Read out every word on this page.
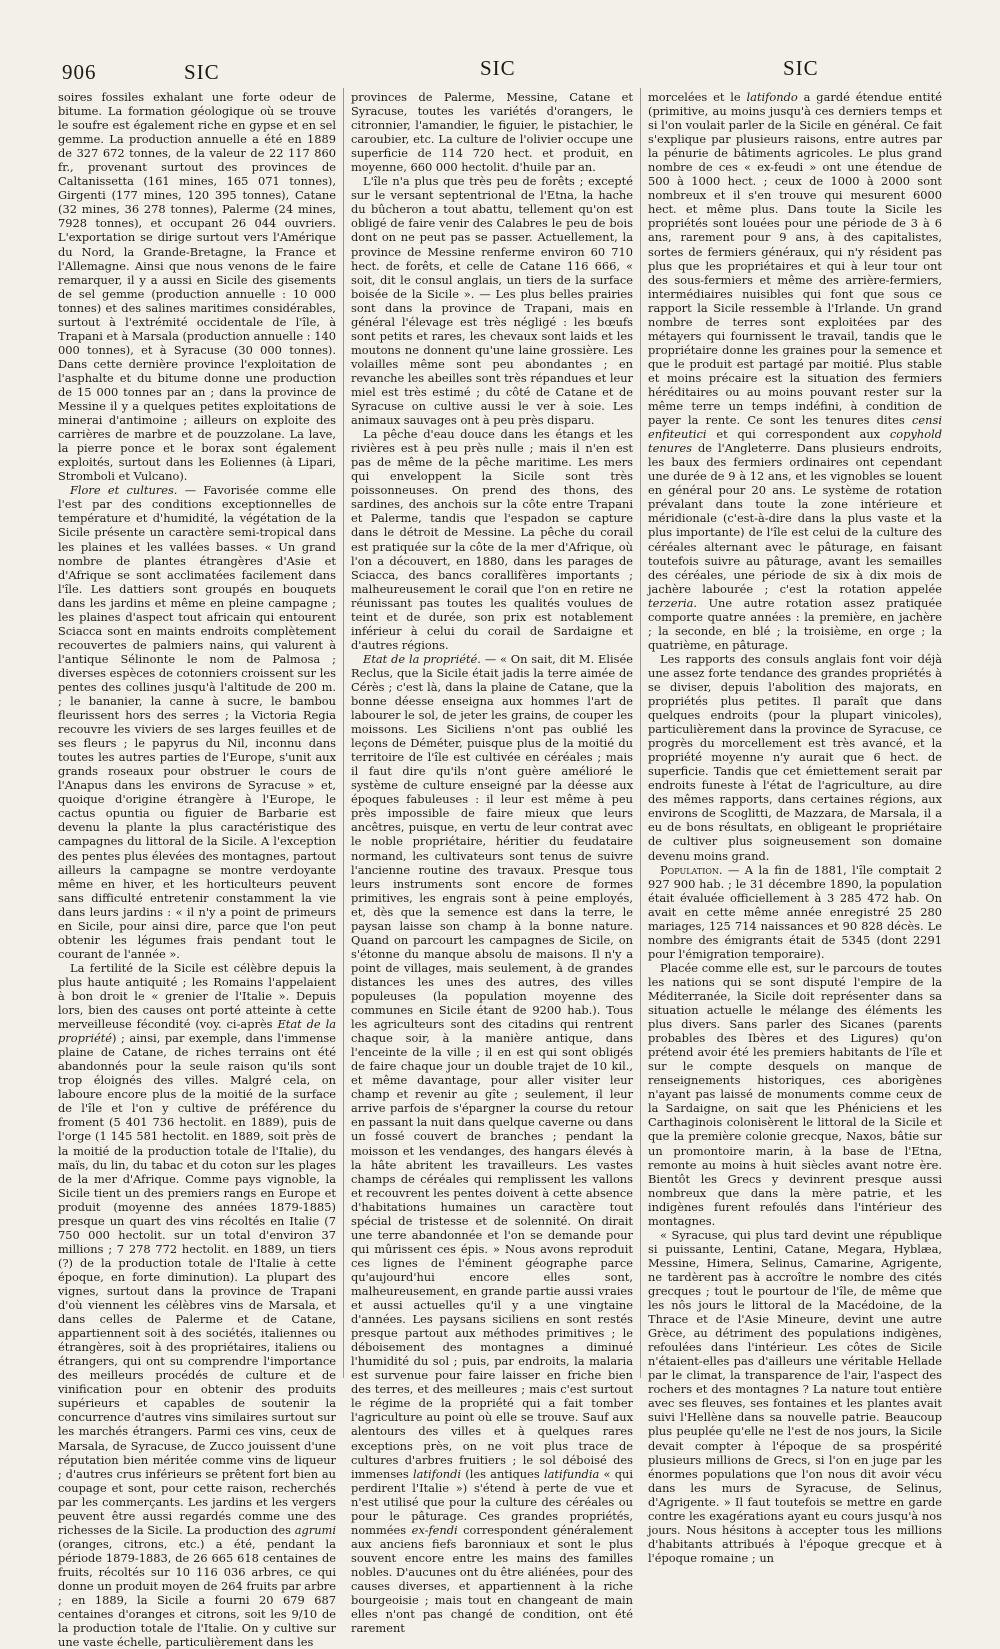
906	SIC	SIC	SIC

soires fossiles exhalant une forte odeur de bitume. La formation géologique où se trouve le soufre est également riche en gypse et en sel gemme. La production annuelle a été en 1889 de 327 672 tonnes, de la valeur de 22 117 860 fr., provenant surtout des provinces de Caltanissetta (161 mines, 165 071 tonnes), Girgenti (177 mines, 120 395 tonnes), Catane (32 mines, 36 278 tonnes), Palerme (24 mines, 7928 tonnes), et occupant 26 044 ouvriers. L'exportation se dirige surtout vers l'Amérique du Nord, la Grande-Bretagne, la France et l'Allemagne. Ainsi que nous venons de le faire remarquer, il y a aussi en Sicile des gisements de sel gemme (production annuelle : 10 000 tonnes) et des salines maritimes considérables, surtout à l'extrémité occidentale de l'île, à Trapani et à Marsala (production annuelle : 140 000 tonnes), et à Syracuse (30 000 tonnes). Dans cette dernière province l'exploitation de l'asphalte et du bitume donne une production de 15 000 tonnes par an ; dans la province de Messine il y a quelques petites exploitations de minerai d'antimoine ; ailleurs on exploite des carrières de marbre et de pouzzolane. La lave, la pierre ponce et le borax sont également exploités, surtout dans les Eoliennes (à Lipari, Stromboli et Vulcano).

Flore et cultures. — Favorisée comme elle l'est par des conditions exceptionnelles de température et d'humidité, la végétation de la Sicile présente un caractère semi-tropical dans les plaines et les vallées basses. « Un grand nombre de plantes étrangères d'Asie et d'Afrique se sont acclimatées facilement dans l'île. Les dattiers sont groupés en bouquets dans les jardins et même en pleine campagne ; les plaines d'aspect tout africain qui entourent Sciacca sont en maints endroits complètement recouvertes de palmiers nains, qui valurent à l'antique Sélinonte le nom de Palmosa ; diverses espèces de cotonniers croissent sur les pentes des collines jusqu'à l'altitude de 200 m. ; le bananier, la canne à sucre, le bambou fleurissent hors des serres ; la Victoria Regia recouvre les viviers de ses larges feuilles et de ses fleurs ; le papyrus du Nil, inconnu dans toutes les autres parties de l'Europe, s'unit aux grands roseaux pour obstruer le cours de l'Anapus dans les environs de Syracuse » et, quoique d'origine étrangère à l'Europe, le cactus opuntia ou figuier de Barbarie est devenu la plante la plus caractéristique des campagnes du littoral de la Sicile. A l'exception des pentes plus élevées des montagnes, partout ailleurs la campagne se montre verdoyante même en hiver, et les horticulteurs peuvent sans difficulté entretenir constamment la vie dans leurs jardins : « il n'y a point de primeurs en Sicile, pour ainsi dire, parce que l'on peut obtenir les légumes frais pendant tout le courant de l'année ».

La fertilité de la Sicile est célèbre depuis la plus haute antiquité ; les Romains l'appelaient à bon droit le « grenier de l'Italie ». Depuis lors, bien des causes ont porté atteinte à cette merveilleuse fécondité (voy. ci-après Etat de la propriété) ; ainsi, par exemple, dans l'immense plaine de Catane, de riches terrains ont été abandonnés pour la seule raison qu'ils sont trop éloignés des villes. Malgré cela, on laboure encore plus de la moitié de la surface de l'île et l'on y cultive de préférence du froment (5 401 736 hectolit. en 1889), puis de l'orge (1 145 581 hectolit. en 1889, soit près de la moitié de la production totale de l'Italie), du maïs, du lin, du tabac et du coton sur les plages de la mer d'Afrique. Comme pays vignoble, la Sicile tient un des premiers rangs en Europe et produit (moyenne des années 1879-1885) presque un quart des vins récoltés en Italie (7 750 000 hectolit. sur un total d'environ 37 millions ; 7 278 772 hectolit. en 1889, un tiers (?) de la production totale de l'Italie à cette époque, en forte diminution). La plupart des vignes, surtout dans la province de Trapani d'où viennent les célèbres vins de Marsala, et dans celles de Palerme et de Catane, appartiennent soit à des sociétés, italiennes ou étrangères, soit à des propriétaires, italiens ou étrangers, qui ont su comprendre l'importance des meilleurs procédés de culture et de vinification pour en obtenir des produits supérieurs et capables de soutenir la concurrence d'autres vins similaires surtout sur les marchés étrangers. Parmi ces vins, ceux de Marsala, de Syracuse, de Zucco jouissent d'une réputation bien méritée comme vins de liqueur ; d'autres crus inférieurs se prêtent fort bien au coupage et sont, pour cette raison, recherchés par les commerçants. Les jardins et les vergers peuvent être aussi regardés comme une des richesses de la Sicile. La production des agrumi (oranges, citrons, etc.) a été, pendant la période 1879-1883, de 26 665 618 centaines de fruits, récoltés sur 10 116 036 arbres, ce qui donne un produit moyen de 264 fruits par arbre ; en 1889, la Sicile a fourni 20 679 687 centaines d'oranges et citrons, soit les 9/10 de la production totale de l'Italie. On y cultive sur une vaste échelle, particulièrement dans les

provinces de Palerme, Messine, Catane et Syracuse, toutes les variétés d'orangers, le citronnier, l'amandier, le figuier, le pistachier, le caroubier, etc. La culture de l'olivier occupe une superficie de 114 720 hect. et produit, en moyenne, 660 000 hectolit. d'huile par an.

L'île n'a plus que très peu de forêts ; excepté sur le versant septentrional de l'Etna, la hache du bûcheron a tout abattu, tellement qu'on est obligé de faire venir des Calabres le peu de bois dont on ne peut pas se passer. Actuellement, la province de Messine renferme environ 60 710 hect. de forêts, et celle de Catane 116 666, « soit, dit le consul anglais, un tiers de la surface boisée de la Sicile ». — Les plus belles prairies sont dans la province de Trapani, mais en général l'élevage est très négligé : les bœufs sont petits et rares, les chevaux sont laids et les moutons ne donnent qu'une laine grossière. Les volailles même sont peu abondantes ; en revanche les abeilles sont très répandues et leur miel est très estimé ; du côté de Catane et de Syracuse on cultive aussi le ver à soie. Les animaux sauvages ont à peu près disparu.

La pêche d'eau douce dans les étangs et les rivières est à peu près nulle ; mais il n'en est pas de même de la pêche maritime. Les mers qui enveloppent la Sicile sont très poissonneuses. On prend des thons, des sardines, des anchois sur la côte entre Trapani et Palerme, tandis que l'espadon se capture dans le détroit de Messine. La pêche du corail est pratiquée sur la côte de la mer d'Afrique, où l'on a découvert, en 1880, dans les parages de Sciacca, des bancs corallifères importants ; malheureusement le corail que l'on en retire ne réunissant pas toutes les qualités voulues de teint et de durée, son prix est notablement inférieur à celui du corail de Sardaigne et d'autres régions.

Etat de la propriété. — « On sait, dit M. Elisée Reclus, que la Sicile était jadis la terre aimée de Cérès ; c'est là, dans la plaine de Catane, que la bonne déesse enseigna aux hommes l'art de labourer le sol, de jeter les grains, de couper les moissons. Les Siciliens n'ont pas oublié les leçons de Déméter, puisque plus de la moitié du territoire de l'île est cultivée en céréales ; mais il faut dire qu'ils n'ont guère amélioré le système de culture enseigné par la déesse aux époques fabuleuses : il leur est même à peu près impossible de faire mieux que leurs ancêtres, puisque, en vertu de leur contrat avec le noble propriétaire, héritier du feudataire normand, les cultivateurs sont tenus de suivre l'ancienne routine des travaux. Presque tous leurs instruments sont encore de formes primitives, les engrais sont à peine employés, et, dès que la semence est dans la terre, le paysan laisse son champ à la bonne nature. Quand on parcourt les campagnes de Sicile, on s'étonne du manque absolu de maisons. Il n'y a point de villages, mais seulement, à de grandes distances les unes des autres, des villes populeuses (la population moyenne des communes en Sicile étant de 9200 hab.). Tous les agriculteurs sont des citadins qui rentrent chaque soir, à la manière antique, dans l'enceinte de la ville ; il en est qui sont obligés de faire chaque jour un double trajet de 10 kil., et même davantage, pour aller visiter leur champ et revenir au gîte ; seulement, il leur arrive parfois de s'épargner la course du retour en passant la nuit dans quelque caverne ou dans un fossé couvert de branches ; pendant la moisson et les vendanges, des hangars élevés à la hâte abritent les travailleurs. Les vastes champs de céréales qui remplissent les vallons et recouvrent les pentes doivent à cette absence d'habitations humaines un caractère tout spécial de tristesse et de solennité. On dirait une terre abandonnée et l'on se demande pour qui mûrissent ces épis. » Nous avons reproduit ces lignes de l'éminent géographe parce qu'aujourd'hui encore elles sont, malheureusement, en grande partie aussi vraies et aussi actuelles qu'il y a une vingtaine d'années. Les paysans siciliens en sont restés presque partout aux méthodes primitives ; le déboisement des montagnes a diminué l'humidité du sol ; puis, par endroits, la malaria est survenue pour faire laisser en friche bien des terres, et des meilleures ; mais c'est surtout le régime de la propriété qui a fait tomber l'agriculture au point où elle se trouve. Sauf aux alentours des villes et à quelques rares exceptions près, on ne voit plus trace de cultures d'arbres fruitiers ; le sol déboisé des immenses latifondi (les antiques latifundia « qui perdirent l'Italie ») s'étend à perte de vue et n'est utilisé que pour la culture des céréales ou pour le pâturage. Ces grandes propriétés, nommées ex-fendi correspondent généralement aux anciens fiefs baronniaux et sont le plus souvent encore entre les mains des familles nobles. D'aucunes ont du être aliénées, pour des causes diverses, et appartiennent à la riche bourgeoisie ; mais tout en changeant de main elles n'ont pas changé de condition, ont été rarement

morcelées et le latifondo a gardé étendue entité (primitive, au moins jusqu'à ces derniers temps et si l'on voulait parler de la Sicile en général. Ce fait s'explique par plusieurs raisons, entre autres par la pénurie de bâtiments agricoles. Le plus grand nombre de ces « ex-feudi » ont une étendue de 500 à 1000 hect. ; ceux de 1000 à 2000 sont nombreux et il s'en trouve qui mesurent 6000 hect. et même plus. Dans toute la Sicile les propriétés sont louées pour une période de 3 à 6 ans, rarement pour 9 ans, à des capitalistes, sortes de fermiers généraux, qui n'y résident pas plus que les propriétaires et qui à leur tour ont des sous-fermiers et même des arrière-fermiers, intermédiaires nuisibles qui font que sous ce rapport la Sicile ressemble à l'Irlande. Un grand nombre de terres sont exploitées par des métayers qui fournissent le travail, tandis que le propriétaire donne les graines pour la semence et que le produit est partagé par moitié. Plus stable et moins précaire est la situation des fermiers héréditaires ou au moins pouvant rester sur la même terre un temps indéfini, à condition de payer la rente. Ce sont les tenures dites censi enfiteutici et qui correspondent aux copyhold tenures de l'Angleterre. Dans plusieurs endroits, les baux des fermiers ordinaires ont cependant une durée de 9 à 12 ans, et les vignobles se louent en général pour 20 ans. Le système de rotation prévalant dans toute la zone intérieure et méridionale (c'est-à-dire dans la plus vaste et la plus importante) de l'île est celui de la culture des céréales alternant avec le pâturage, en faisant toutefois suivre au pâturage, avant les semailles des céréales, une période de six à dix mois de jachère labourée ; c'est la rotation appelée terzeria. Une autre rotation assez pratiquée comporte quatre années : la première, en jachère ; la seconde, en blé ; la troisième, en orge ; la quatrième, en pâturage.

Les rapports des consuls anglais font voir déjà une assez forte tendance des grandes propriétés à se diviser, depuis l'abolition des majorats, en propriétés plus petites. Il paraît que dans quelques endroits (pour la plupart vinicoles), particulièrement dans la province de Syracuse, ce progrès du morcellement est très avancé, et la propriété moyenne n'y aurait que 6 hect. de superficie. Tandis que cet émiettement serait par endroits funeste à l'état de l'agriculture, au dire des mêmes rapports, dans certaines régions, aux environs de Scoglitti, de Mazzara, de Marsala, il a eu de bons résultats, en obligeant le propriétaire de cultiver plus soigneusement son domaine devenu moins grand.

Population. — A la fin de 1881, l'île comptait 2 927 900 hab. ; le 31 décembre 1890, la population était évaluée officiellement à 3 285 472 hab. On avait en cette même année enregistré 25 280 mariages, 125 714 naissances et 90 828 décès. Le nombre des émigrants était de 5345 (dont 2291 pour l'émigration temporaire).

Placée comme elle est, sur le parcours de toutes les nations qui se sont disputé l'empire de la Méditerranée, la Sicile doit représenter dans sa situation actuelle le mélange des éléments les plus divers. Sans parler des Sicanes (parents probables des Ibères et des Ligures) qu'on prétend avoir été les premiers habitants de l'île et sur le compte desquels on manque de renseignements historiques, ces aborigènes n'ayant pas laissé de monuments comme ceux de la Sardaigne, on sait que les Phéniciens et les Carthaginois colonisèrent le littoral de la Sicile et que la première colonie grecque, Naxos, bâtie sur un promontoire marin, à la base de l'Etna, remonte au moins à huit siècles avant notre ère. Bientôt les Grecs y devinrent presque aussi nombreux que dans la mère patrie, et les indigènes furent refoulés dans l'intérieur des montagnes.

« Syracuse, qui plus tard devint une république si puissante, Lentini, Catane, Megara, Hyblæa, Messine, Himera, Selinus, Camarine, Agrigente, ne tardèrent pas à accroître le nombre des cités grecques ; tout le pourtour de l'île, de même que les nôs jours le littoral de la Macédoine, de la Thrace et de l'Asie Mineure, devint une autre Grèce, au détriment des populations indigènes, refoulées dans l'intérieur. Les côtes de Sicile n'étaient-elles pas d'ailleurs une véritable Hellade par le climat, la transparence de l'air, l'aspect des rochers et des montagnes ? La nature tout entière avec ses fleuves, ses fontaines et les plantes avait suivi l'Hellène dans sa nouvelle patrie. Beaucoup plus peuplée qu'elle ne l'est de nos jours, la Sicile devait compter à l'époque de sa prospérité plusieurs millions de Grecs, si l'on en juge par les énormes populations que l'on nous dit avoir vécu dans les murs de Syracuse, de Selinus, d'Agrigente. » Il faut toutefois se mettre en garde contre les exagérations ayant eu cours jusqu'à nos jours. Nous hésitons à accepter tous les millions d'habitants attribués à l'époque grecque et à l'époque romaine ; un
